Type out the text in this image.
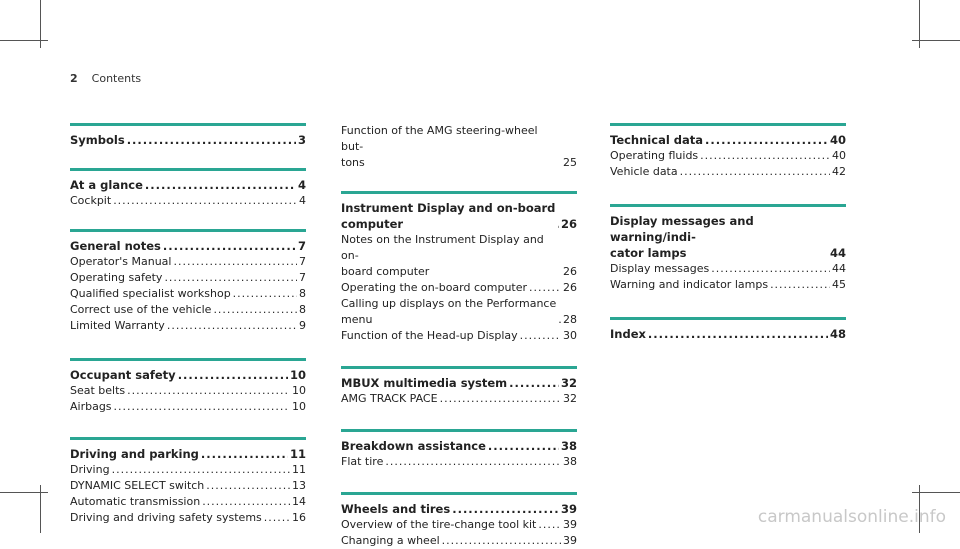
2 Contents
Symbols .....	3
At a glance .....	4
Cockpit .....	4
General notes .....	7
Operator's Manual .....	7
Operating safety .....	7
Qualified specialist workshop .....	8
Correct use of the vehicle .....	8
Limited Warranty .....	9
Occupant safety .....	10
Seat belts .....	10
Airbags .....	10
Driving and parking .....	11
Driving .....	11
DYNAMIC SELECT switch .....	13
Automatic transmission .....	14
Driving and driving safety systems .....	16
Function of the AMG steering-wheel but-
tons	25
Instrument Display and on-board
computer .....	26
Notes on the Instrument Display and on-
board computer	26
Operating the on-board computer .....	26
Calling up displays on the Performance
menu .....	28
Function of the Head-up Display .....	30
MBUX multimedia system .....	32
AMG TRACK PACE .....	32
Breakdown assistance .....	38
Flat tire .....	38
Wheels and tires .....	39
Overview of the tire-change tool kit ..... 39
Changing a wheel .....	39
Technical data .....	40
Operating fluids .....	40
Vehicle data .....	42
Display messages and warning/indi-
cator lamps	44
Display messages .....	44
Warning and indicator lamps .....	45
Index .....	48
carmanualsonline.info
